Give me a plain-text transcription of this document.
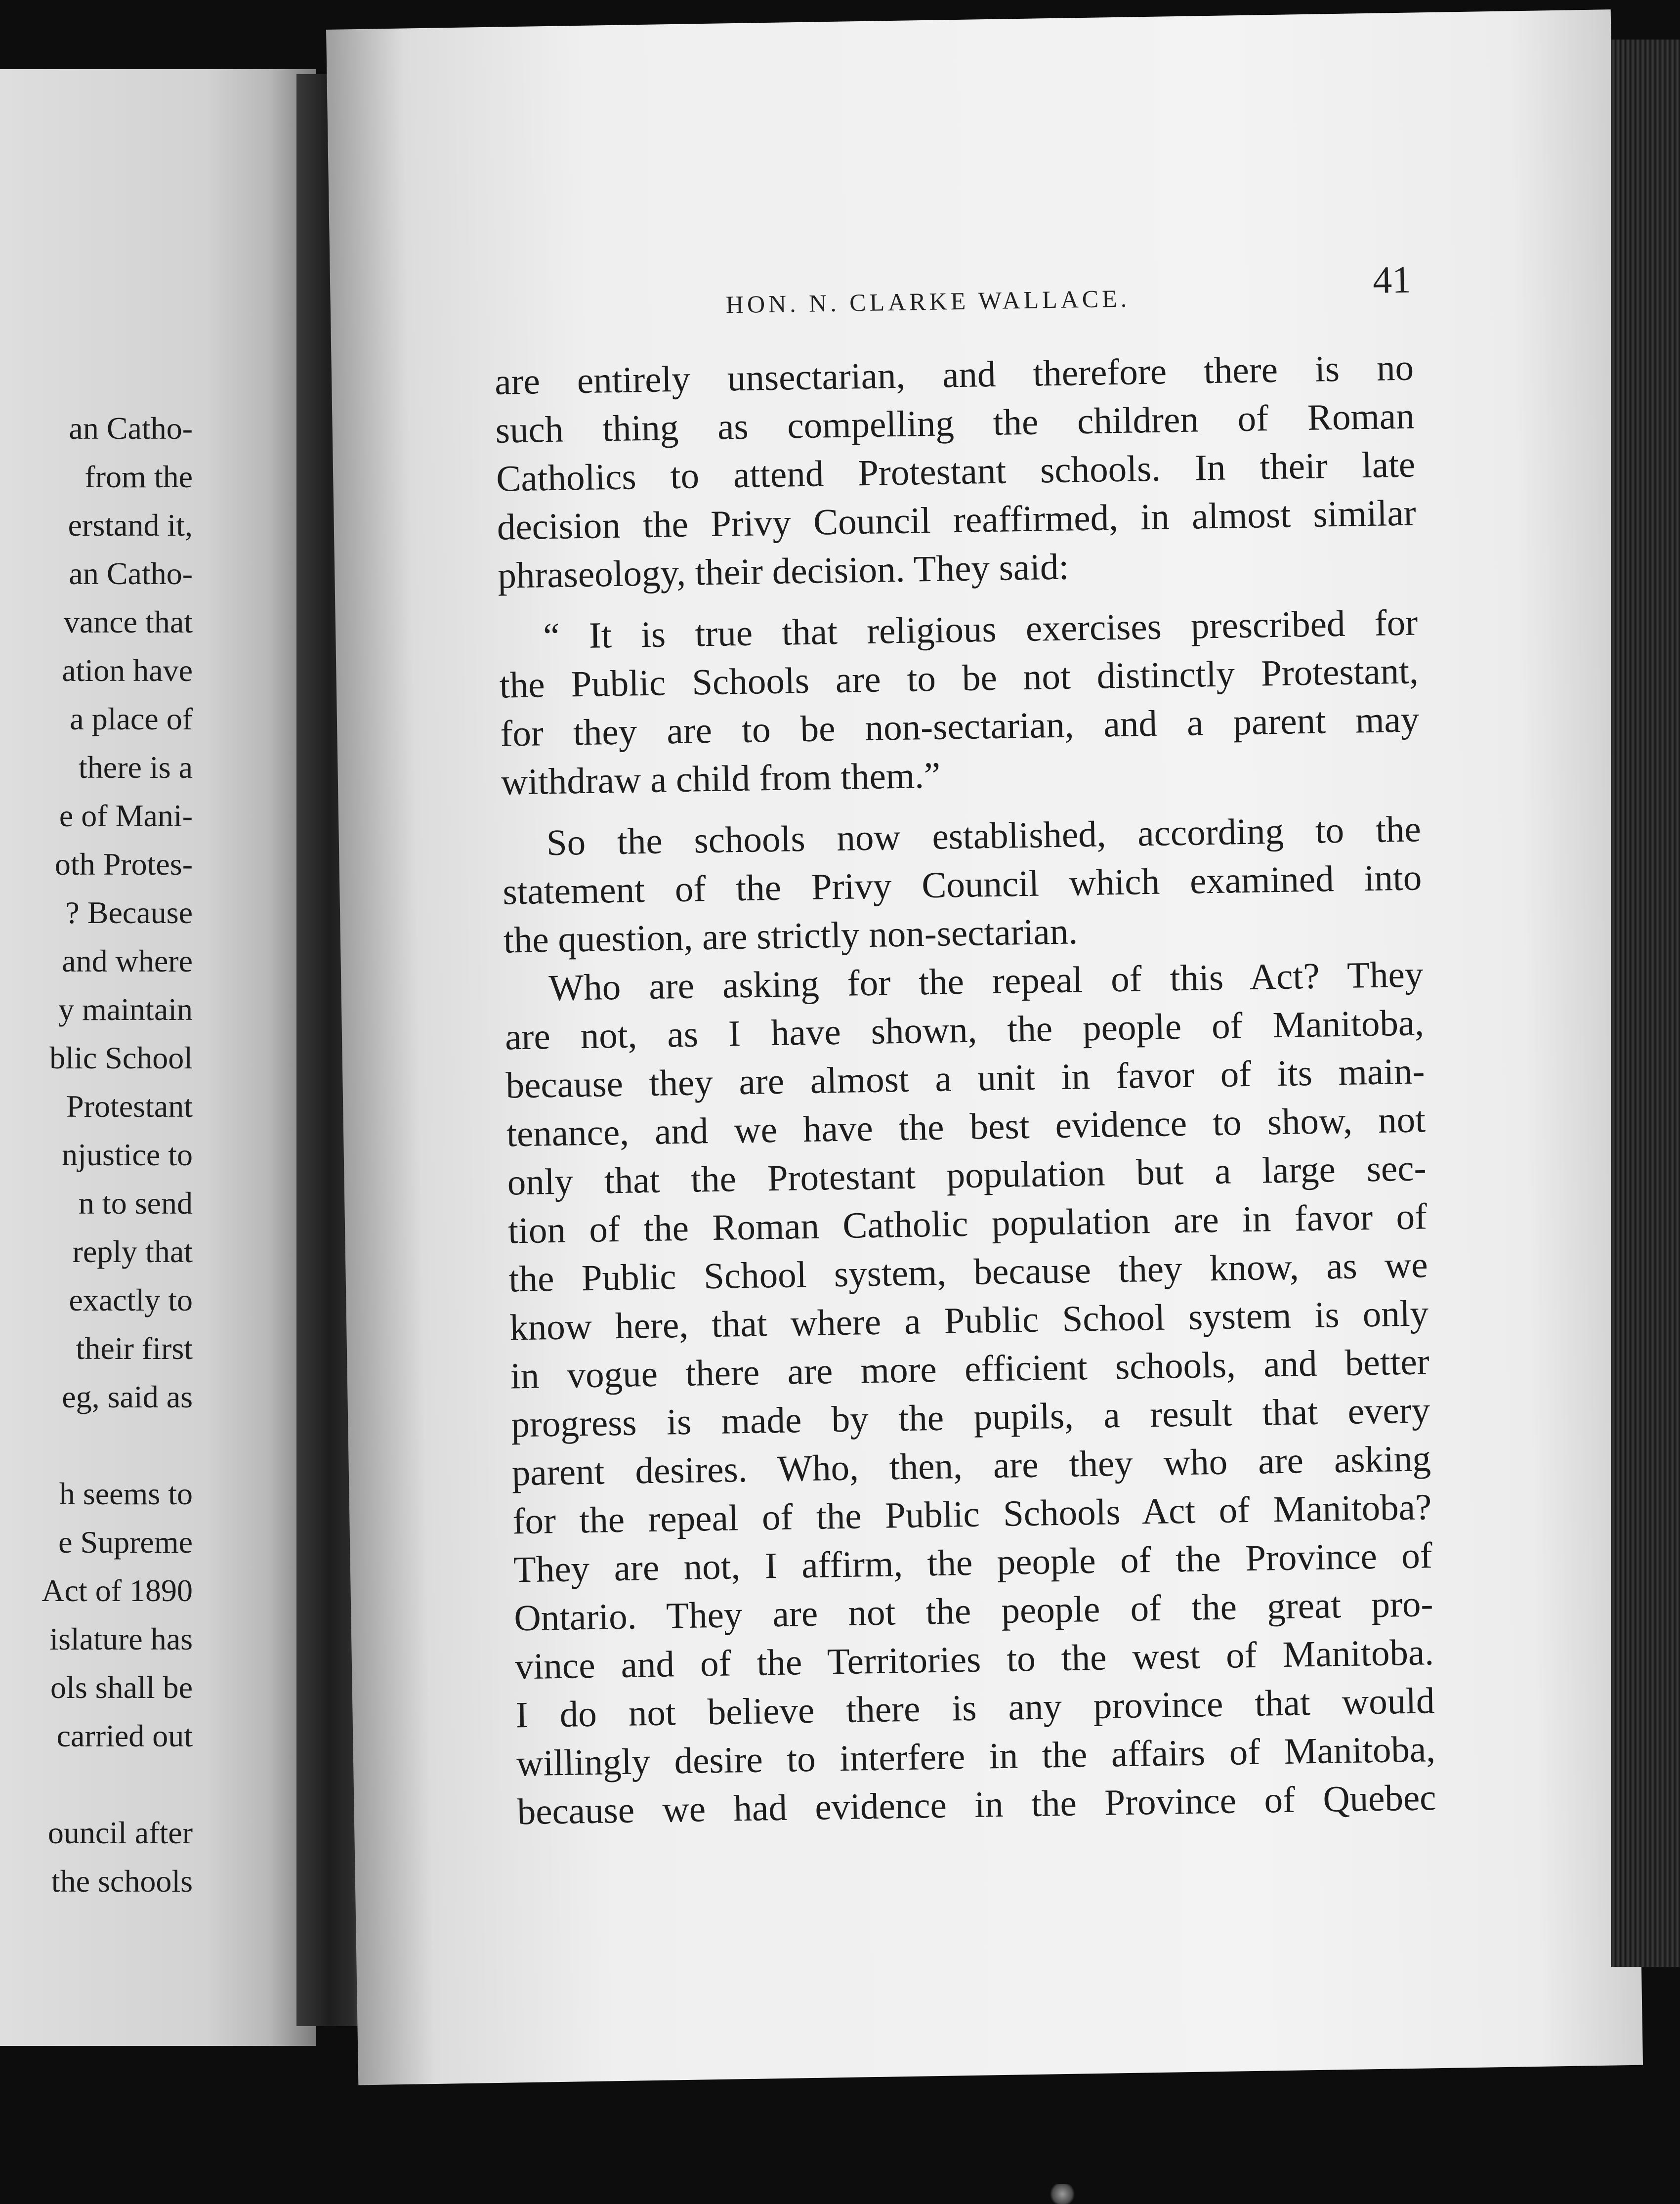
an Catho-
from the
erstand it,
an Catho-
vance that
ation have
a place of
there is a
e of Mani-
oth Protes-
? Because
and where
y maintain
blic School
Protestant
njustice to
n to send
reply that
exactly to
their first
eg, said as
h seems to
e Supreme
Act of 1890
islature has
ols shall be
carried out
ouncil after
the schools
HON. N. CLARKE WALLACE.
41
are entirely unsectarian, and therefore there is no
such thing as compelling the children of Roman
Catholics to attend Protestant schools. In their late
decision the Privy Council reaffirmed, in almost similar
phraseology, their decision. They said:
“ It is true that religious exercises prescribed for
the Public Schools are to be not distinctly Protestant,
for they are to be non-sectarian, and a parent may
withdraw a child from them.”
So the schools now established, according to the
statement of the Privy Council which examined into
the question, are strictly non-sectarian.
Who are asking for the repeal of this Act? They
are not, as I have shown, the people of Manitoba,
because they are almost a unit in favor of its main-
tenance, and we have the best evidence to show, not
only that the Protestant population but a large sec-
tion of the Roman Catholic population are in favor of
the Public School system, because they know, as we
know here, that where a Public School system is only
in vogue there are more efficient schools, and better
progress is made by the pupils, a result that every
parent desires. Who, then, are they who are asking
for the repeal of the Public Schools Act of Manitoba?
They are not, I affirm, the people of the Province of
Ontario. They are not the people of the great pro-
vince and of the Territories to the west of Manitoba.
I do not believe there is any province that would
willingly desire to interfere in the affairs of Manitoba,
because we had evidence in the Province of Quebec
